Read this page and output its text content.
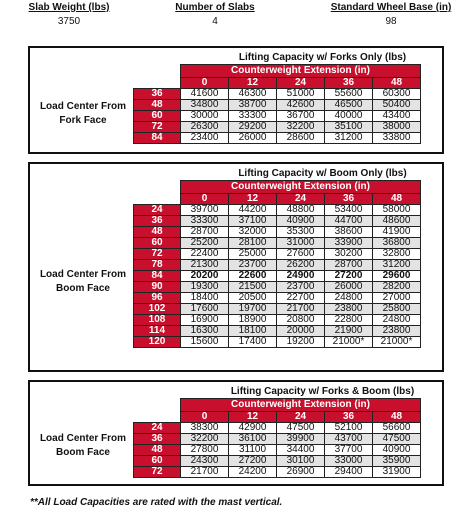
Slab Weight (lbs)
3750
Number of Slabs
4
Standard Wheel Base (in)
98
Lifting Capacity w/ Forks Only (lbs)
	Counterweight Extension (in)				
	0	12	24	36	48
36	41600	46300	51000	55600	60300
48	34800	38700	42600	46500	50400
60	30000	33300	36700	40000	43400
72	26300	29200	32200	35100	38000
84	23400	26000	28600	31200	33800
Load Center From
Fork Face
Lifting Capacity w/ Boom Only (lbs)
	Counterweight Extension (in)				
	0	12	24	36	48
24	39700	44200	48800	53400	58000
36	33300	37100	40900	44700	48600
48	28700	32000	35300	38600	41900
60	25200	28100	31000	33900	36800
72	22400	25000	27600	30200	32800
78	21300	23700	26200	28700	31200
84	20200	22600	24900	27200	29600
90	19300	21500	23700	26000	28200
96	18400	20500	22700	24800	27000
102	17600	19700	21700	23800	25800
108	16900	18900	20800	22800	24800
114	16300	18100	20000	21900	23800
120	15600	17400	19200	21000*	21000*
Load Center From
Boom Face
Lifting Capacity w/ Forks & Boom (lbs)
	Counterweight Extension (in)				
	0	12	24	36	48
24	38300	42900	47500	52100	56600
36	32200	36100	39900	43700	47500
48	27800	31100	34400	37700	40900
60	24300	27200	30100	33000	35900
72	21700	24200	26900	29400	31900
Load Center From
Boom Face
**All Load Capacities are rated with the mast vertical.
